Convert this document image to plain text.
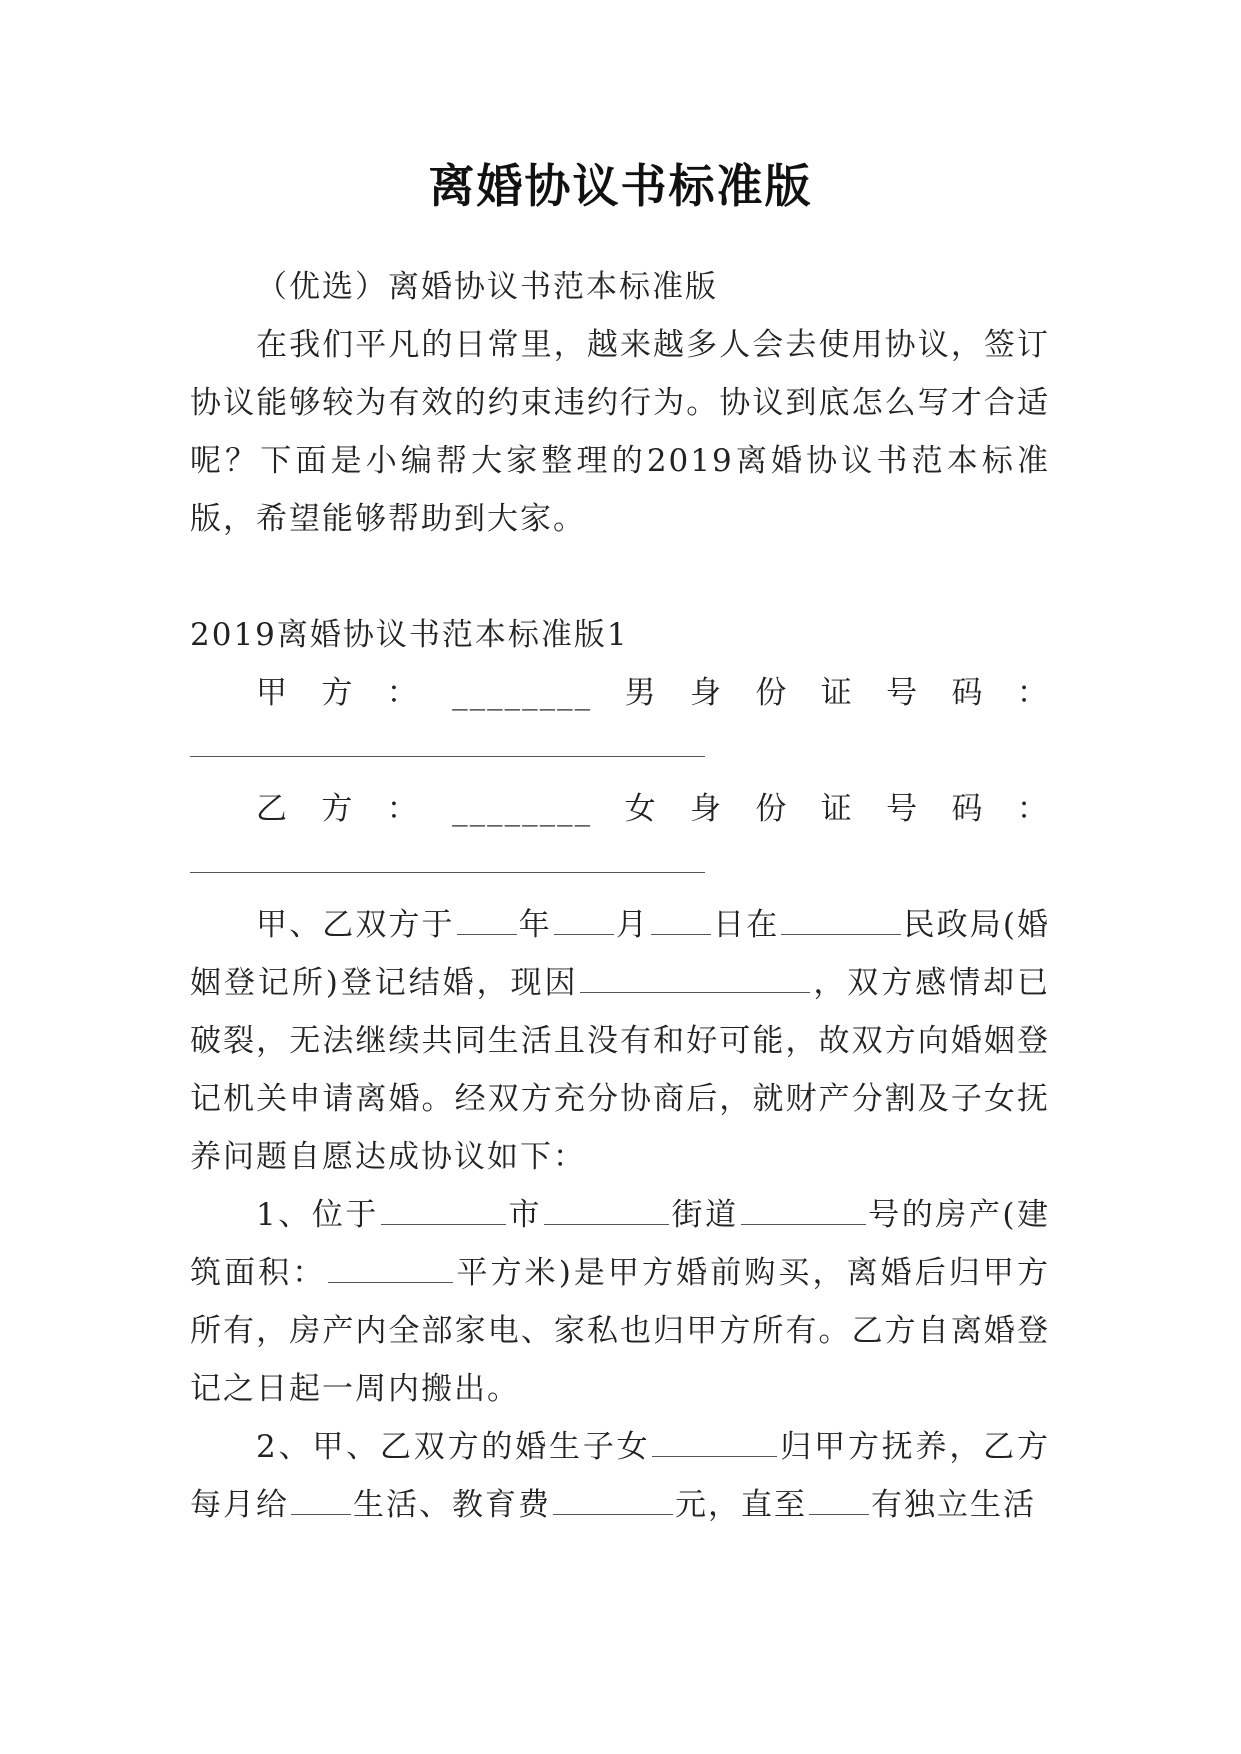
离婚协议书标准版

（优选）离婚协议书范本标准版

在我们平凡的日常里，越来越多人会去使用协议，签订协议能够较为有效的约束违约行为。协议到底怎么写才合适呢？下面是小编帮大家整理的2019离婚协议书范本标准版，希望能够帮助到大家。

2019离婚协议书范本标准版1

甲 方 ： ________ 男 身 份 证 号 码 ：
乙 方 ： ________ 女 身 份 证 号 码 ：

甲、乙双方于 年 月 日在	民政局(婚姻登记所)登记结婚，现因	，双方感情却已破裂，无法继续共同生活且没有和好可能，故双方向婚姻登记机关申请离婚。经双方充分协商后，就财产分割及子女抚养问题自愿达成协议如下：

1、位于	市	街道	号的房产(建筑面积：	平方米)是甲方婚前购买，离婚后归甲方所有，房产内全部家电、家私也归甲方所有。乙方自离婚登记之日起一周内搬出。

2、甲、乙双方的婚生子女	归甲方抚养，乙方每月给 生活、教育费	元，直至 有独立生活
